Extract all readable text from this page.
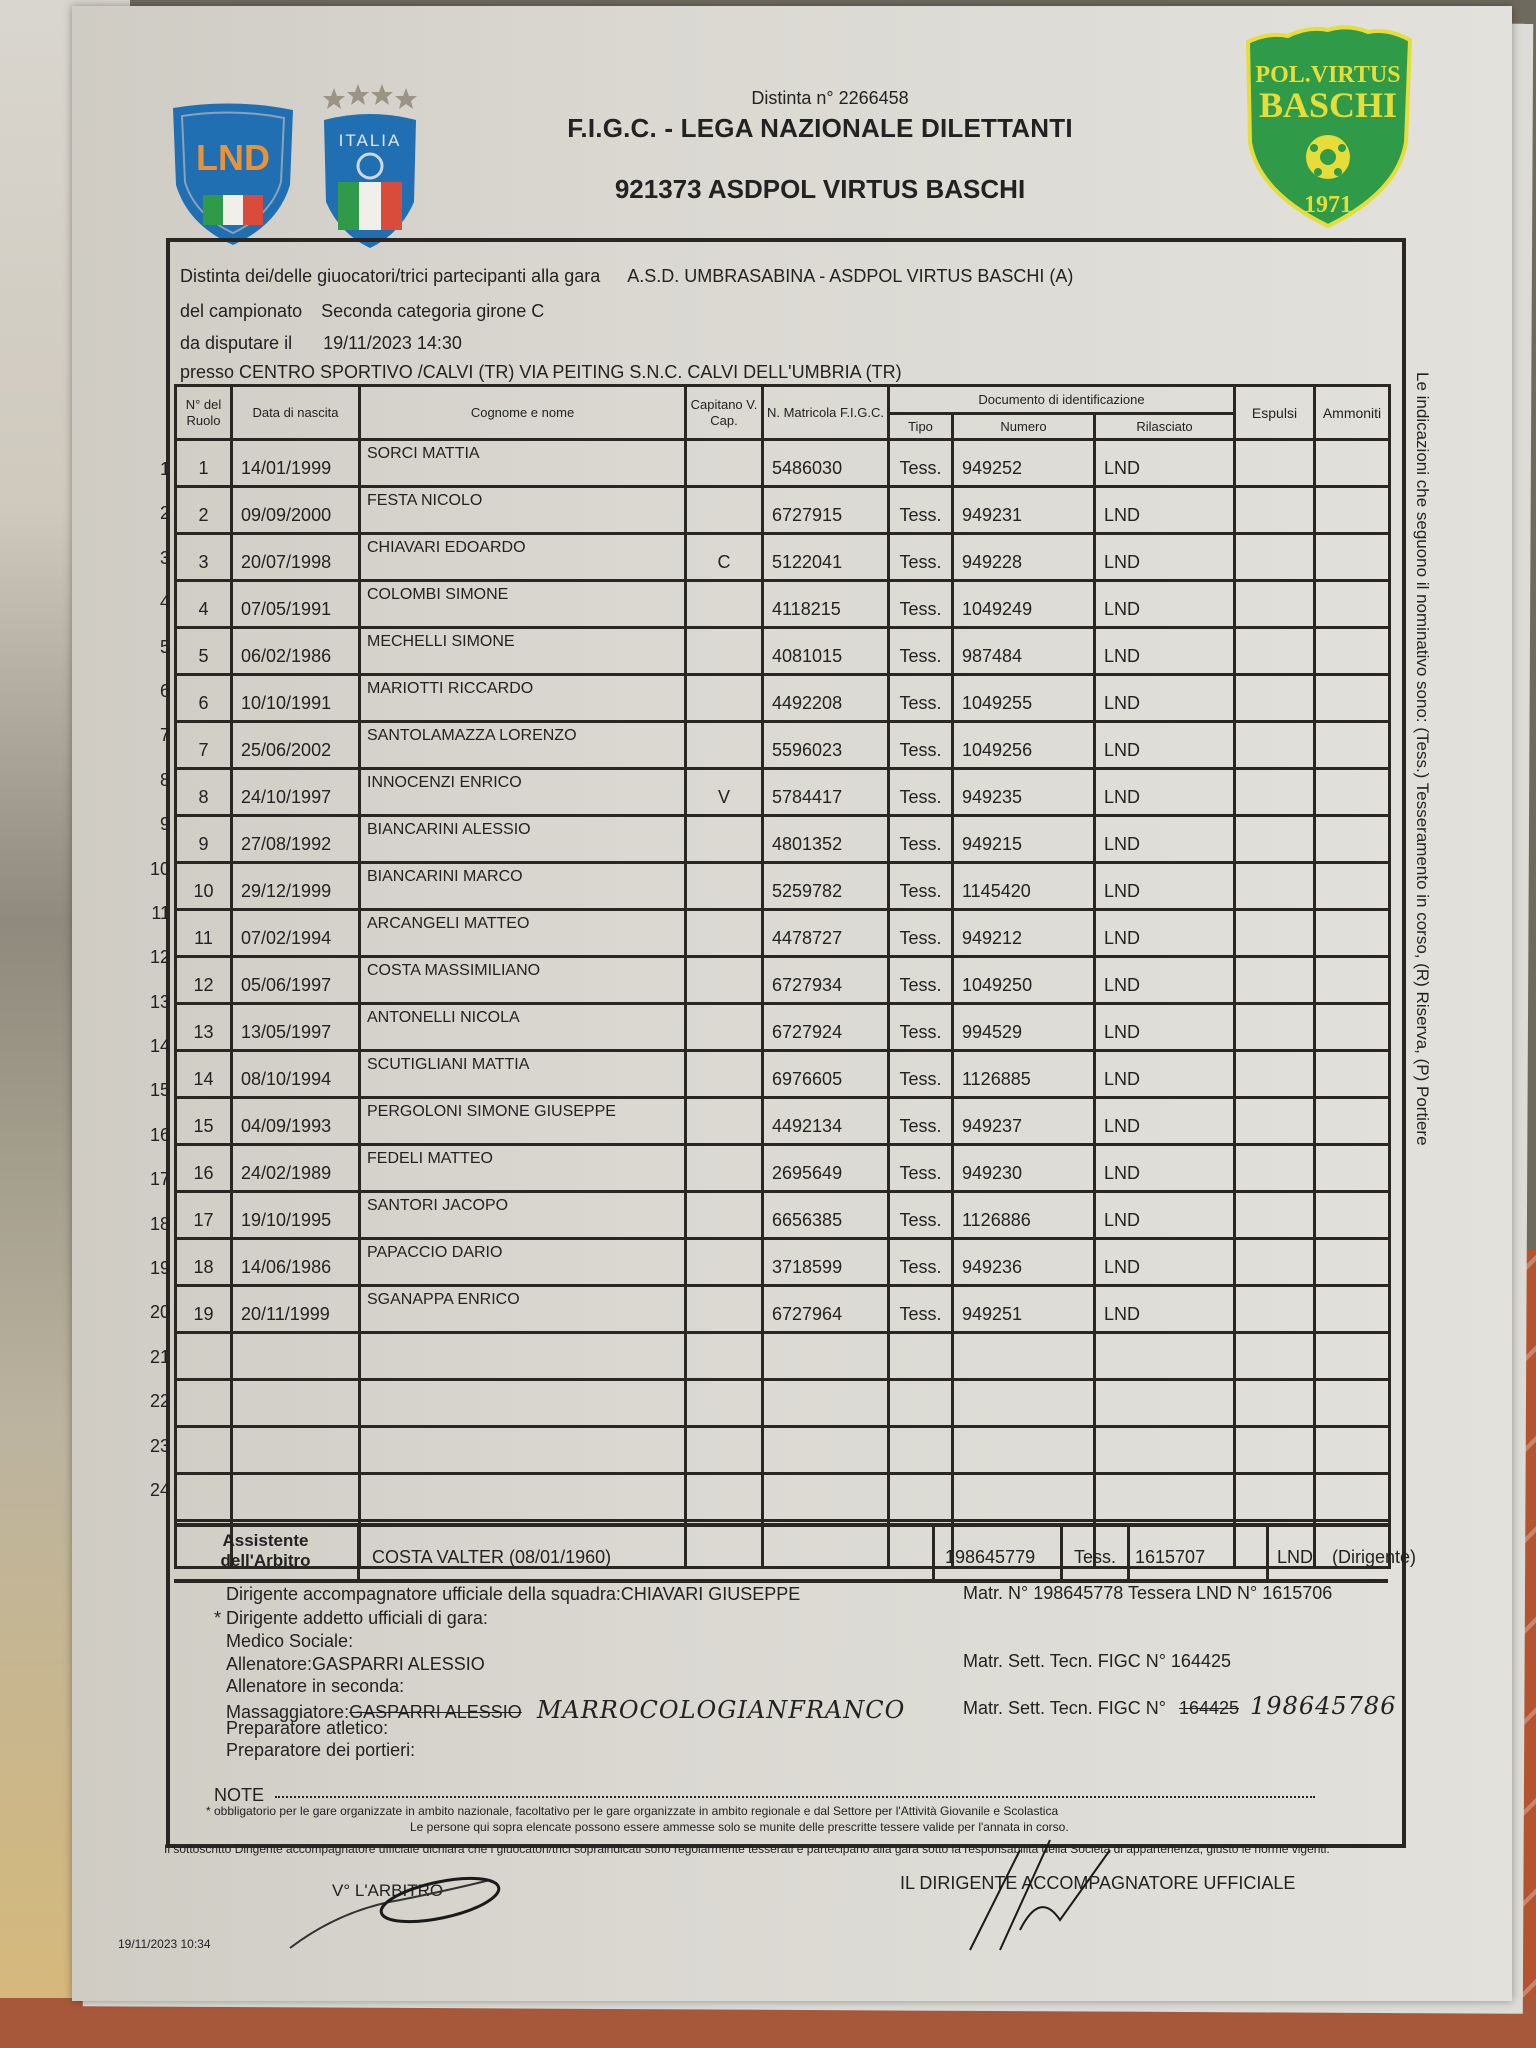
LND	ITALIA
POL.VIRTUS
BASCHI
1971
Distinta n° 2266458
F.I.G.C. - LEGA NAZIONALE DILETTANTI
921373 ASDPOL VIRTUS BASCHI
Distinta dei/delle giuocatori/trici partecipanti alla gara A.S.D. UMBRASABINA - ASDPOL VIRTUS BASCHI (A)
del campionato Seconda categoria girone C
da disputare il 19/11/2023 14:30
presso CENTRO SPORTIVO /CALVI (TR) VIA PEITING S.N.C. CALVI DELL'UMBRIA (TR)
N° del Ruolo	Data di nascita	Cognome e nome	Capitano V. Cap.	N. Matricola F.I.G.C.	Documento di identificazione			Espulsi	Ammoniti
					Tipo	Numero	Rilasciato		
1	14/01/1999	SORCI MATTIA		5486030	Tess.	949252	LND		
2	09/09/2000	FESTA NICOLO		6727915	Tess.	949231	LND		
3	20/07/1998	CHIAVARI EDOARDO	C	5122041	Tess.	949228	LND		
4	07/05/1991	COLOMBI SIMONE		4118215	Tess.	1049249	LND		
5	06/02/1986	MECHELLI SIMONE		4081015	Tess.	987484	LND		
6	10/10/1991	MARIOTTI RICCARDO		4492208	Tess.	1049255	LND		
7	25/06/2002	SANTOLAMAZZA LORENZO		5596023	Tess.	1049256	LND		
8	24/10/1997	INNOCENZI ENRICO	V	5784417	Tess.	949235	LND		
9	27/08/1992	BIANCARINI ALESSIO		4801352	Tess.	949215	LND		
10	29/12/1999	BIANCARINI MARCO		5259782	Tess.	1145420	LND		
11	07/02/1994	ARCANGELI MATTEO		4478727	Tess.	949212	LND		
12	05/06/1997	COSTA MASSIMILIANO		6727934	Tess.	1049250	LND		
13	13/05/1997	ANTONELLI NICOLA		6727924	Tess.	994529	LND		
14	08/10/1994	SCUTIGLIANI MATTIA		6976605	Tess.	1126885	LND		
15	04/09/1993	PERGOLONI SIMONE GIUSEPPE		4492134	Tess.	949237	LND		
16	24/02/1989	FEDELI MATTEO		2695649	Tess.	949230	LND		
17	19/10/1995	SANTORI JACOPO		6656385	Tess.	1126886	LND		
18	14/06/1986	PAPACCIO DARIO		3718599	Tess.	949236	LND		
19	20/11/1999	SGANAPPA ENRICO		6727964	Tess.	949251	LND		

1
2
3
4
5
6
7
8
9
10
11
12
13
14
15
16
17
18
19
20
21
22
23
24
Assistente
dell'Arbitro	COSTA VALTER (08/01/1960)	198645779	Tess.	1615707	LND (Dirigente)
Dirigente accompagnatore ufficiale della squadra:CHIAVARI GIUSEPPE	Matr. N° 198645778 Tessera LND N° 1615706
* Dirigente addetto ufficiali di gara:
Medico Sociale:
Allenatore:GASPARRI ALESSIO	Matr. Sett. Tecn. FIGC N° 164425
Allenatore in seconda:
Massaggiatore:GASPARRI ALESSIO MARROCOLOGIANFRANCO	Matr. Sett. Tecn. FIGC N° 164425 198645786
Preparatore atletico:
Preparatore dei portieri:
NOTE
* obbligatorio per le gare organizzate in ambito nazionale, facoltativo per le gare organizzate in ambito regionale e dal Settore per l'Attività Giovanile e Scolastica
Le persone qui sopra elencate possono essere ammesse solo se munite delle prescritte tessere valide per l'annata in corso.
Il sottoscritto Dirigente accompagnatore ufficiale dichiara che i giuocatori/trici sopraindicati sono regolarmente tesserati e partecipano alla gara sotto la responsabilità della Società di appartenenza, giusto le norme vigenti.
V° L'ARBITRO	IL DIRIGENTE ACCOMPAGNATORE UFFICIALE
19/11/2023 10:34
Le indicazioni che seguono il nominativo sono: (Tess.) Tesseramento in corso, (R) Riserva, (P) Portiere
